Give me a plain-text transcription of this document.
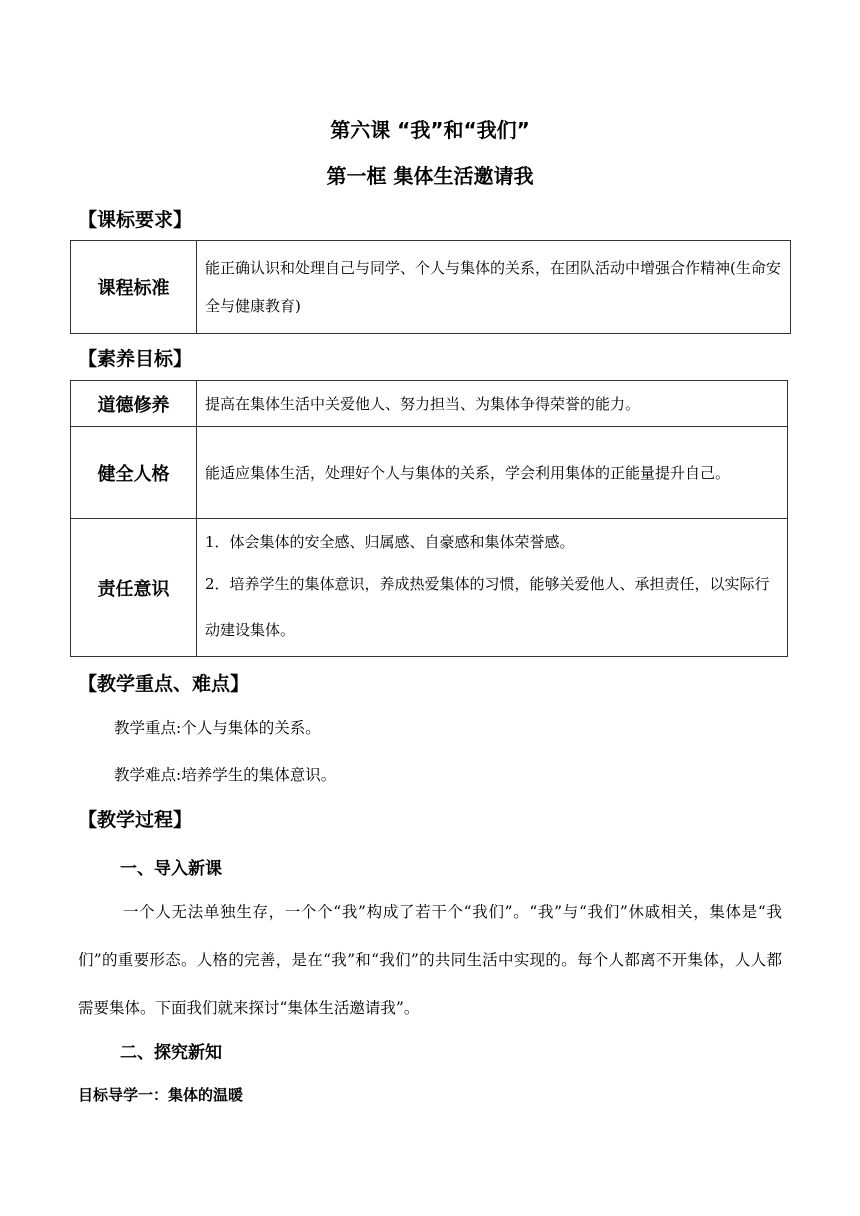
第六课 “我”和“我们”
第一框 集体生活邀请我
【课标要求】
课程标准	能正确认识和处理自己与同学、个人与集体的关系，在团队活动中增强合作精神(生命安全与健康教育)
【素养目标】
道德修养	提高在集体生活中关爱他人、努力担当、为集体争得荣誉的能力。
健全人格	能适应集体生活，处理好个人与集体的关系，学会利用集体的正能量提升自己。
责任意识	1．体会集体的安全感、归属感、自豪感和集体荣誉感。
2．培养学生的集体意识，养成热爱集体的习惯，能够关爱他人、承担责任，以实际行动建设集体。
【教学重点、难点】
教学重点:个人与集体的关系。
教学难点:培养学生的集体意识。
【教学过程】
一、导入新课
一个人无法单独生存，一个个“我”构成了若干个“我们”。“我”与“我们”休戚相关，集体是“我们”的重要形态。人格的完善，是在“我”和“我们”的共同生活中实现的。每个人都离不开集体，人人都需要集体。下面我们就来探讨“集体生活邀请我”。
二、探究新知
目标导学一：集体的温暖
